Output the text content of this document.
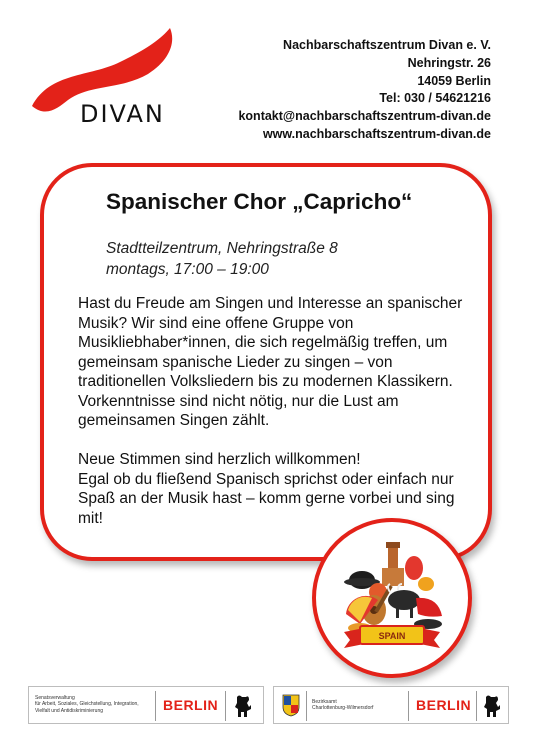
DIVAN
Nachbarschaftszentrum Divan e. V.
Nehringstr. 26
14059 Berlin
Tel: 030 / 54621216
kontakt@nachbarschaftszentrum-divan.de
www.nachbarschaftszentrum-divan.de
Spanischer Chor „Capricho“
Stadtteilzentrum, Nehringstraße 8
montags, 17:00 – 19:00

Hast du Freude am Singen und Interesse an spanischer Musik? Wir sind eine offene Gruppe von Musikliebhaber*innen, die sich regelmäßig treffen, um gemeinsam spanische Lieder zu singen – von traditionellen Volksliedern bis zu modernen Klassikern. Vorkenntnisse sind nicht nötig, nur die Lust am gemeinsamen Singen zählt.

Neue Stimmen sind herzlich willkommen!

Egal ob du fließend Spanisch sprichst oder einfach nur Spaß an der Musik hast – komm gerne vorbei und sing mit!

SPAIN
Senatsverwaltung
für Arbeit, Soziales, Gleichstellung, Integration,
Vielfalt und Antidiskriminierung	BERLIN	Bezirksamt
Charlottenburg-Wilmersdorf	BERLIN
